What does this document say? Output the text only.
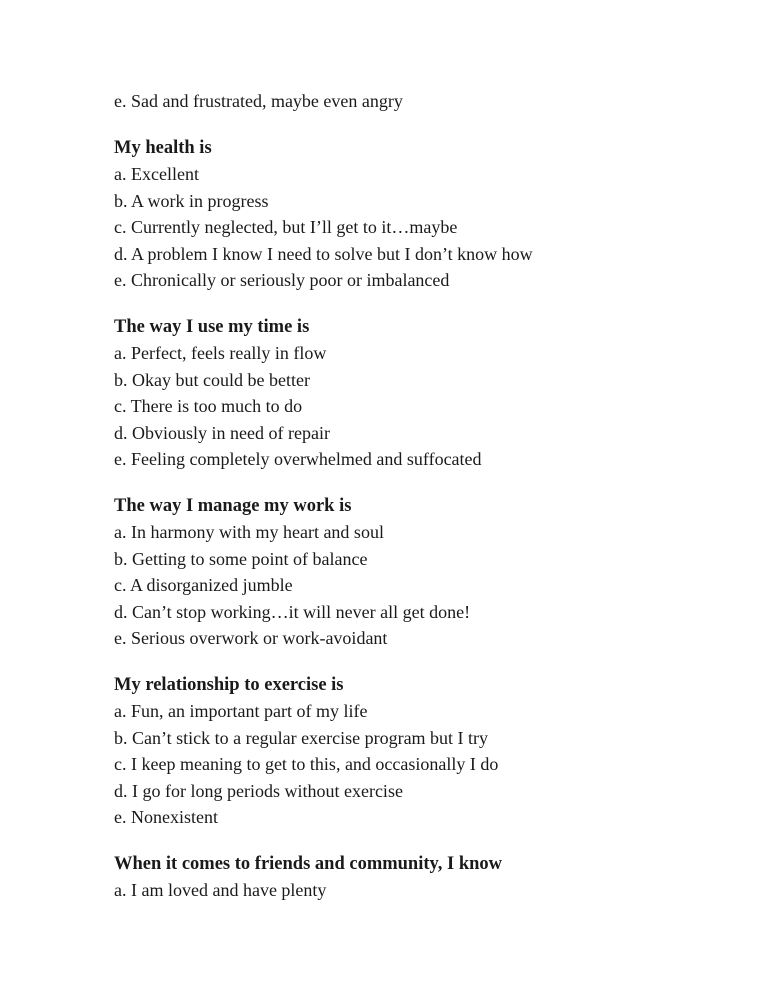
e. Sad and frustrated, maybe even angry
My health is
a. Excellent
b. A work in progress
c. Currently neglected, but I’ll get to it…maybe
d. A problem I know I need to solve but I don’t know how
e. Chronically or seriously poor or imbalanced
The way I use my time is
a. Perfect, feels really in flow
b. Okay but could be better
c. There is too much to do
d. Obviously in need of repair
e. Feeling completely overwhelmed and suffocated
The way I manage my work is
a. In harmony with my heart and soul
b. Getting to some point of balance
c. A disorganized jumble
d. Can’t stop working…it will never all get done!
e. Serious overwork or work-avoidant
My relationship to exercise is
a. Fun, an important part of my life
b. Can’t stick to a regular exercise program but I try
c. I keep meaning to get to this, and occasionally I do
d. I go for long periods without exercise
e. Nonexistent
When it comes to friends and community, I know
a. I am loved and have plenty
